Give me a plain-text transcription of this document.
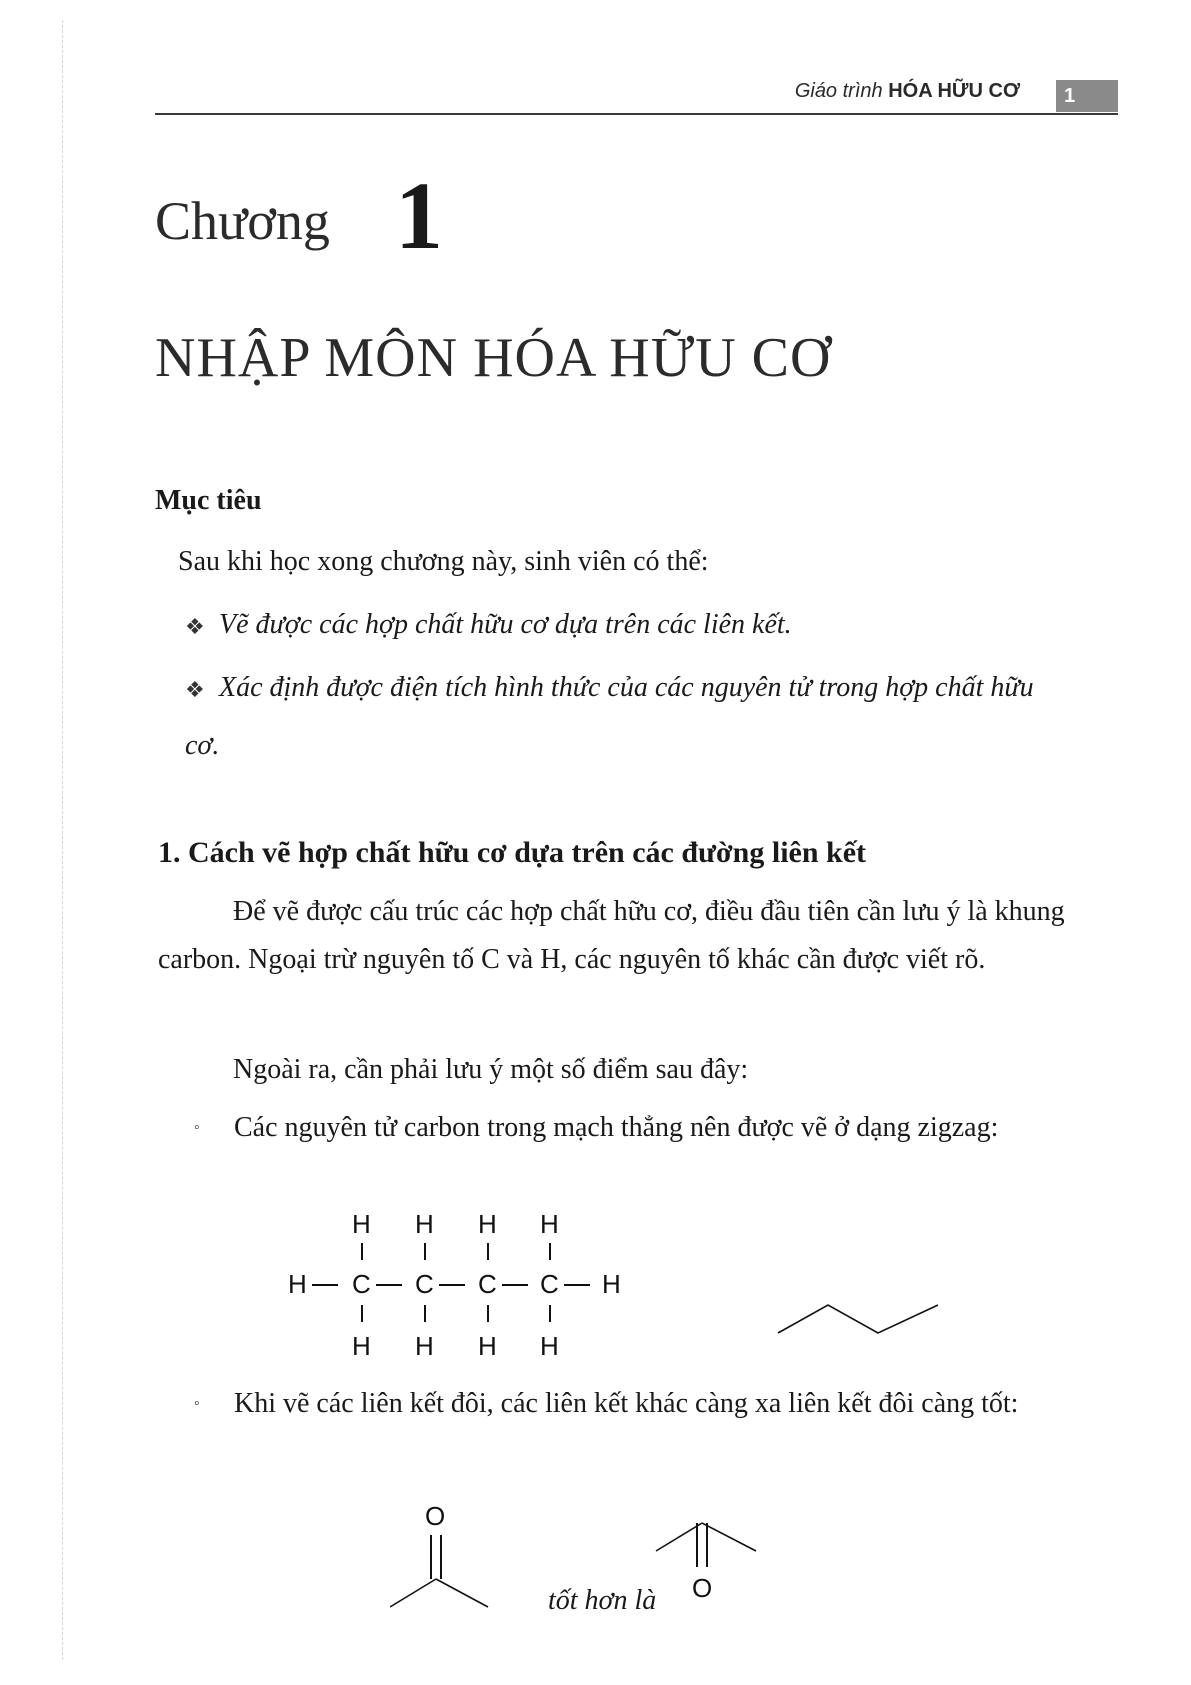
Giáo trình HÓA HỮU CƠ 1
Chương 1
NHẬP MÔN HÓA HỮU CƠ
Mục tiêu
Sau khi học xong chương này, sinh viên có thể:
❖ Vẽ được các hợp chất hữu cơ dựa trên các liên kết.
❖ Xác định được điện tích hình thức của các nguyên tử trong hợp chất hữu cơ.
1. Cách vẽ hợp chất hữu cơ dựa trên các đường liên kết
Để vẽ được cấu trúc các hợp chất hữu cơ, điều đầu tiên cần lưu ý là khung carbon. Ngoại trừ nguyên tố C và H, các nguyên tố khác cần được viết rõ.
Ngoài ra, cần phải lưu ý một số điểm sau đây:
◦ Các nguyên tử carbon trong mạch thẳng nên được vẽ ở dạng zigzag:
H H H H
H C C C C H
H H H H
◦ Khi vẽ các liên kết đôi, các liên kết khác càng xa liên kết đôi càng tốt:
O
O
tốt hơn là
